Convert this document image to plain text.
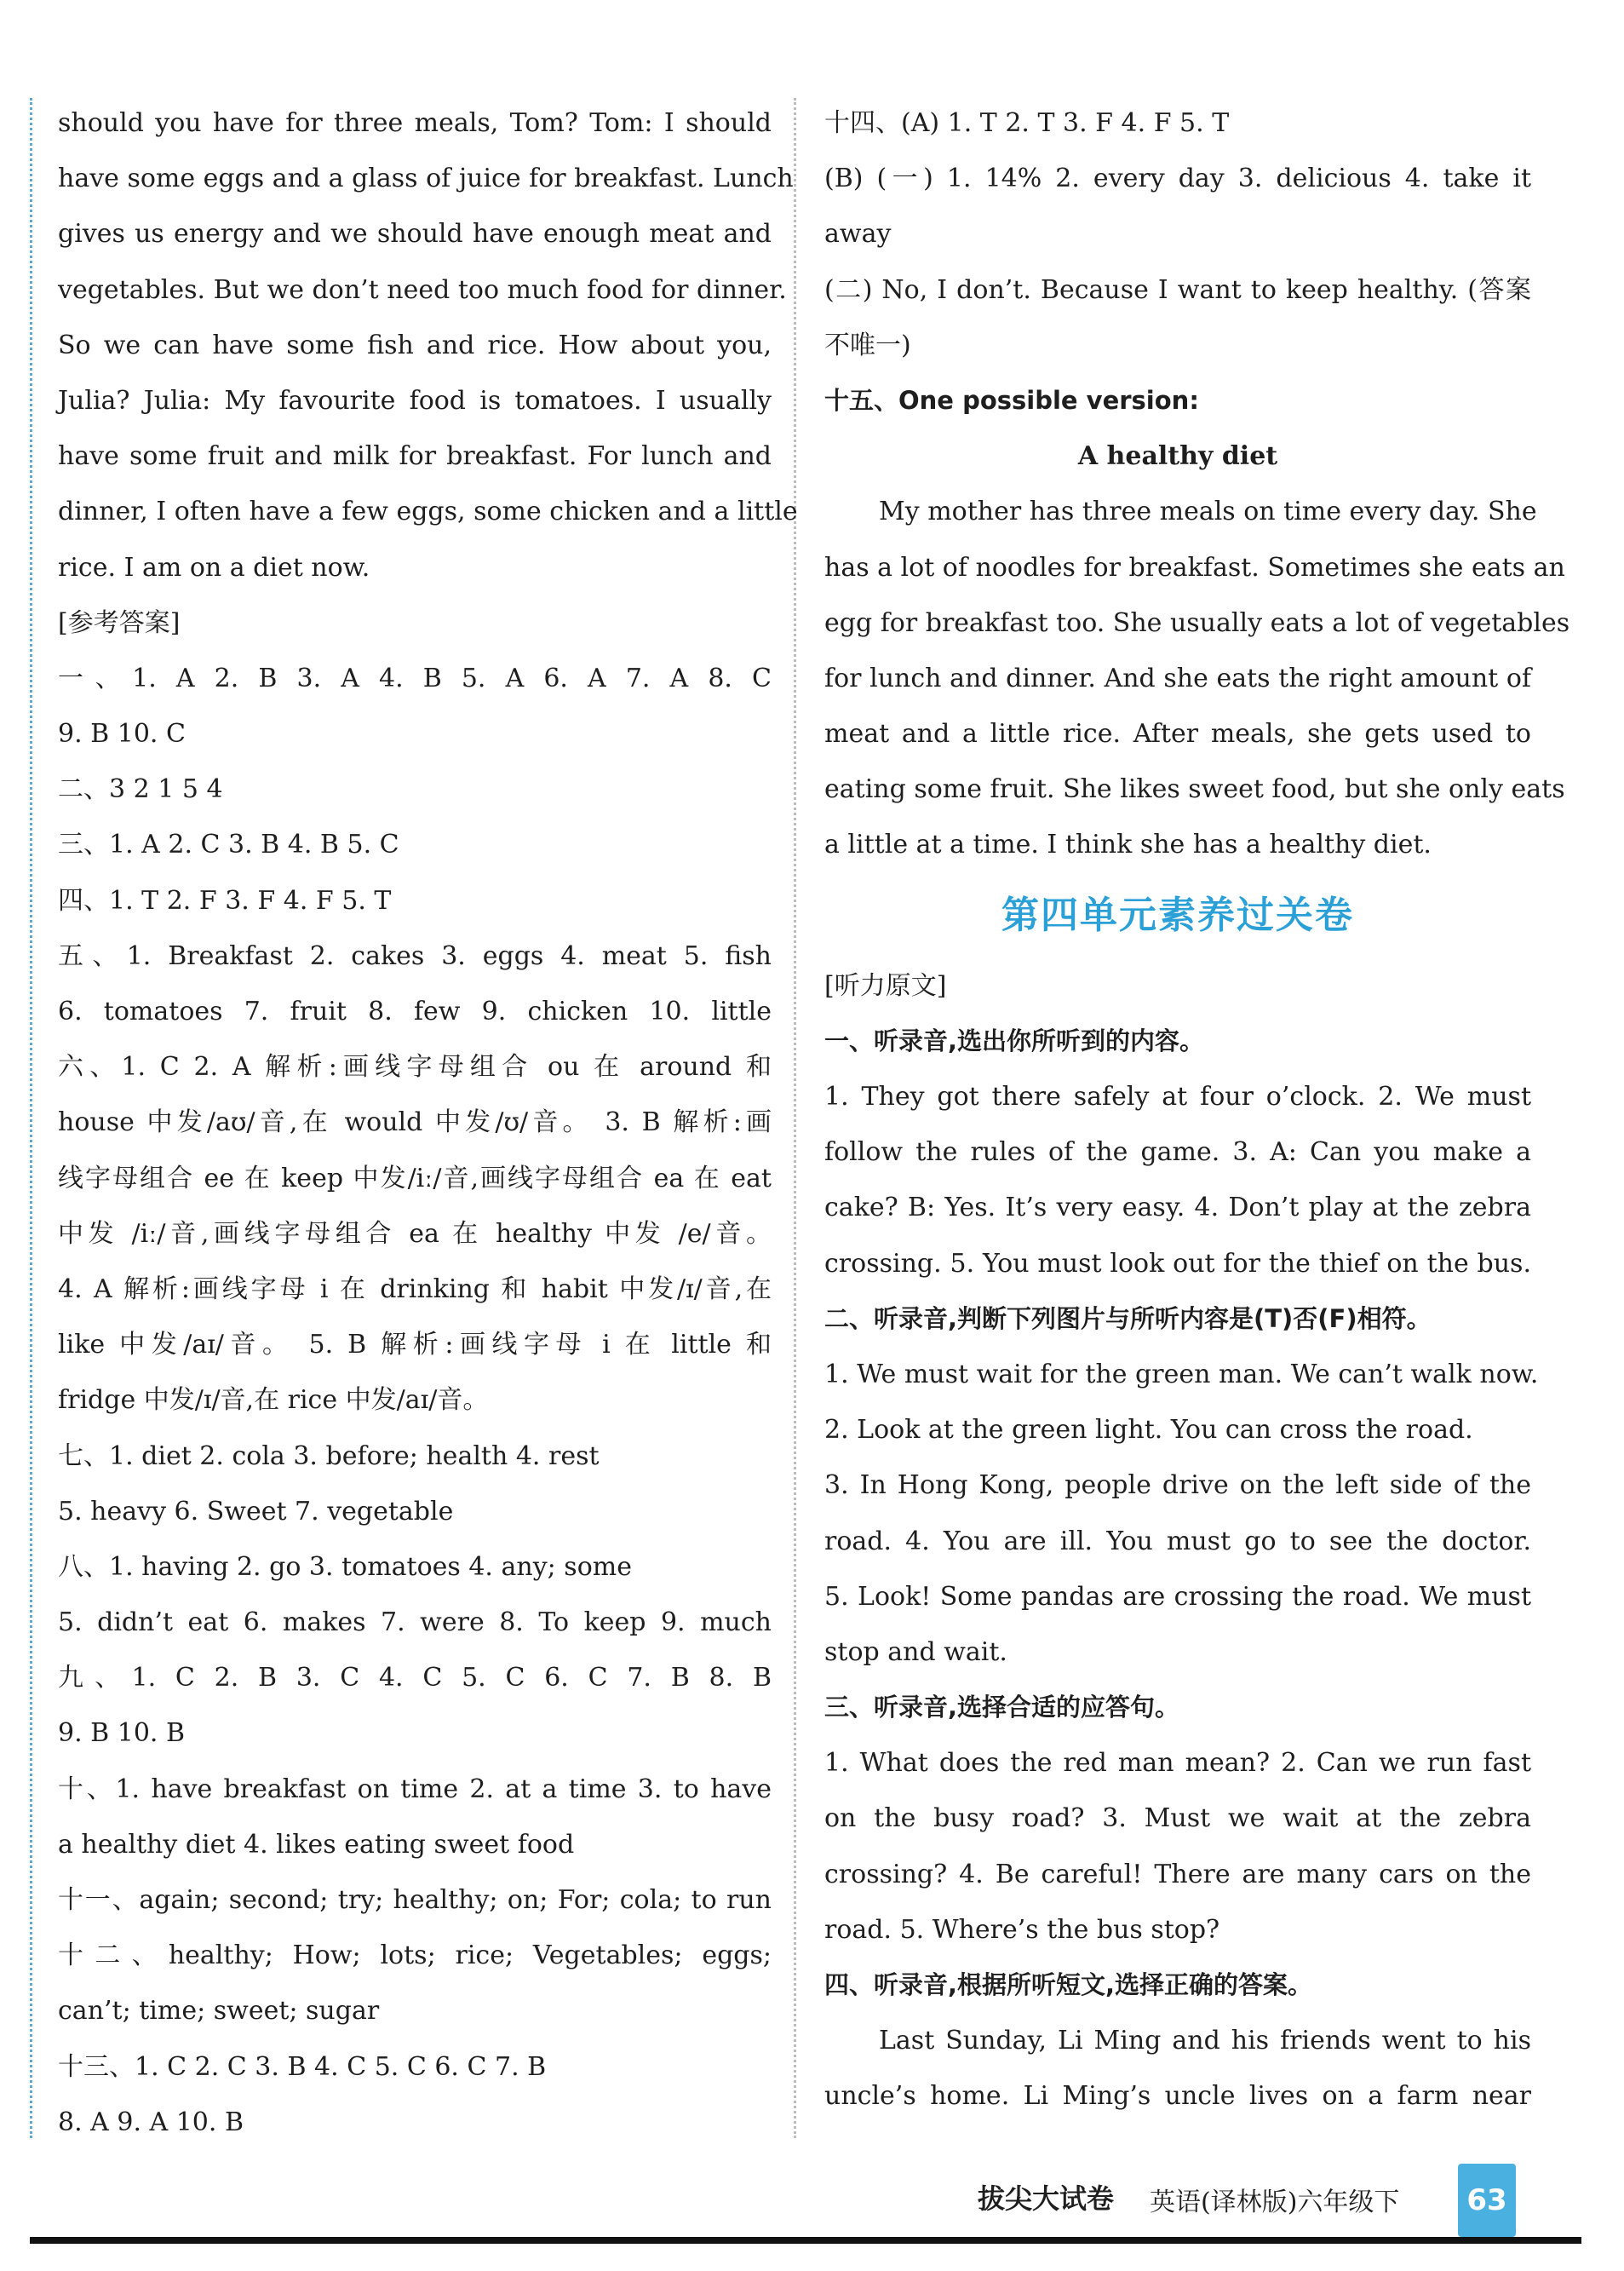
should you have for three meals, Tom? Tom: I should
have some eggs and a glass of juice for breakfast. Lunch
gives us energy and we should have enough meat and
vegetables. But we don’t need too much food for dinner.
So we can have some fish and rice. How about you,
Julia? Julia: My favourite food is tomatoes. I usually
have some fruit and milk for breakfast. For lunch and
dinner, I often have a few eggs, some chicken and a little
rice. I am on a diet now.
[参考答案]
一、1. A 2. B 3. A 4. B 5. A 6. A 7. A 8. C
9. B 10. C
二、3 2 1 5 4
三、1. A 2. C 3. B 4. B 5. C
四、1. T 2. F 3. F 4. F 5. T
五、1. Breakfast 2. cakes 3. eggs 4. meat 5. fish
6. tomatoes 7. fruit 8. few 9. chicken 10. little
六、1. C 2. A 解析:画线字母组合 ou 在 around 和
house 中发/aʊ/音,在 would 中发/ʊ/音。 3. B 解析:画
线字母组合 ee 在 keep 中发/iː/音,画线字母组合 ea 在 eat
中发 /iː/音,画线字母组合 ea 在 healthy 中发 /e/音。
4. A 解析:画线字母 i 在 drinking 和 habit 中发/ɪ/音,在
like 中发/aɪ/音。 5. B 解析:画线字母 i 在 little 和
fridge 中发/ɪ/音,在 rice 中发/aɪ/音。
七、1. diet 2. cola 3. before; health 4. rest
5. heavy 6. Sweet 7. vegetable
八、1. having 2. go 3. tomatoes 4. any; some
5. didn’t eat 6. makes 7. were 8. To keep 9. much
九、1. C 2. B 3. C 4. C 5. C 6. C 7. B 8. B
9. B 10. B
十、1. have breakfast on time 2. at a time 3. to have
a healthy diet 4. likes eating sweet food
十一、again; second; try; healthy; on; For; cola; to run
十二、healthy; How; lots; rice; Vegetables; eggs;
can’t; time; sweet; sugar
十三、1. C 2. C 3. B 4. C 5. C 6. C 7. B
8. A 9. A 10. B
十四、(A) 1. T 2. T 3. F 4. F 5. T
(B) (一) 1. 14% 2. every day 3. delicious 4. take it
away
(二) No, I don’t. Because I want to keep healthy. (答案
不唯一)
十五、One possible version:
A healthy diet
My mother has three meals on time every day. She
has a lot of noodles for breakfast. Sometimes she eats an
egg for breakfast too. She usually eats a lot of vegetables
for lunch and dinner. And she eats the right amount of
meat and a little rice. After meals, she gets used to
eating some fruit. She likes sweet food, but she only eats
a little at a time. I think she has a healthy diet.
第四单元素养过关卷
[听力原文]
一、听录音,选出你所听到的内容。
1. They got there safely at four o’clock. 2. We must
follow the rules of the game. 3. A: Can you make a
cake? B: Yes. It’s very easy. 4. Don’t play at the zebra
crossing. 5. You must look out for the thief on the bus.
二、听录音,判断下列图片与所听内容是(T)否(F)相符。
1. We must wait for the green man. We can’t walk now.
2. Look at the green light. You can cross the road.
3. In Hong Kong, people drive on the left side of the
road. 4. You are ill. You must go to see the doctor.
5. Look! Some pandas are crossing the road. We must
stop and wait.
三、听录音,选择合适的应答句。
1. What does the red man mean? 2. Can we run fast
on the busy road? 3. Must we wait at the zebra
crossing? 4. Be careful! There are many cars on the
road. 5. Where’s the bus stop?
四、听录音,根据所听短文,选择正确的答案。
Last Sunday, Li Ming and his friends went to his
uncle’s home. Li Ming’s uncle lives on a farm near
拔尖大试卷 英语(译林版)六年级下	63
